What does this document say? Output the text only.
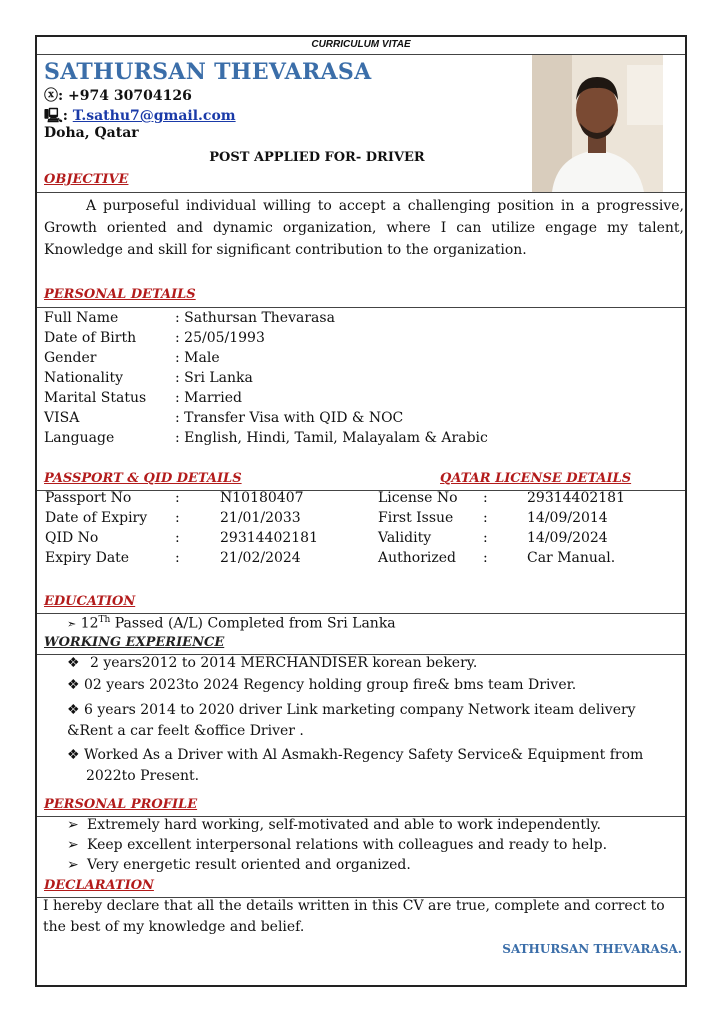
CURRICULUM VITAE
SATHURSAN THEVARASA
ⓧ: +974 30704126
🖳: T.sathu7@gmail.com
Doha, Qatar
POST APPLIED FOR- DRIVER
OBJECTIVE
A purposeful individual willing to accept a challenging position in a progressive, Growth oriented and dynamic organization, where I can utilize engage my talent, Knowledge and skill for significant contribution to the organization.
PERSONAL DETAILS
Full Name	: Sathursan Thevarasa
Date of Birth	: 25/05/1993
Gender	: Male
Nationality	: Sri Lanka
Marital Status : Married
VISA	: Transfer Visa with QID & NOC
Language	: English, Hindi, Tamil, Malayalam & Arabic
PASSPORT & QID DETAILS	QATAR LICENSE DETAILS
Passport No	:	N10180407
Date of Expiry :	21/01/2033
QID No	:	29314402181
Expiry Date	:	21/02/2024
License No :	29314402181
First Issue :	14/09/2014
Validity	:	14/09/2024
Authorized :	Car Manual.
EDUCATION
➣ 12Th Passed (A/L) Completed from Sri Lanka
WORKING EXPERIENCE
❖ 2 years2012 to 2014 MERCHANDISER korean bekery.
❖ 02 years 2023to 2024 Regency holding group fire& bms team Driver.
❖ 6 years 2014 to 2020 driver Link marketing company Network iteam delivery
&Rent a car feelt &office Driver .
❖ Worked As a Driver with Al Asmakh-Regency Safety Service& Equipment from
2022to Present.
PERSONAL PROFILE
➢ Extremely hard working, self-motivated and able to work independently.
➢ Keep excellent interpersonal relations with colleagues and ready to help.
➢ Very energetic result oriented and organized.
DECLARATION
I hereby declare that all the details written in this CV are true, complete and correct to
the best of my knowledge and belief.
SATHURSAN THEVARASA.
